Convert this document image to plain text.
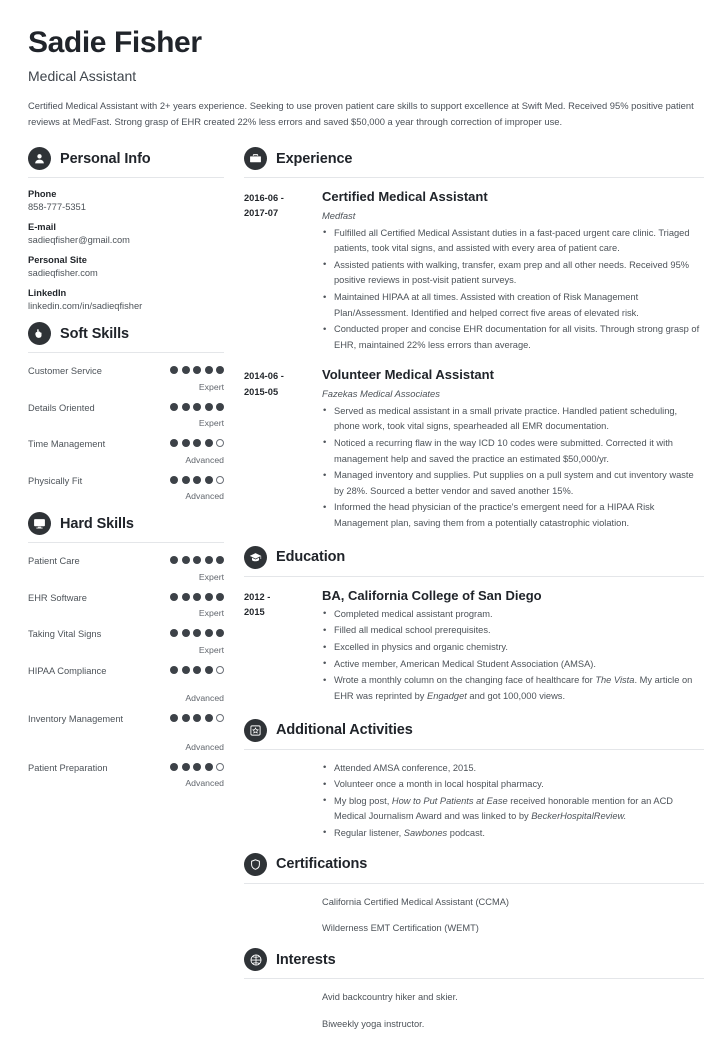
Sadie Fisher
Medical Assistant
Certified Medical Assistant with 2+ years experience. Seeking to use proven patient care skills to support excellence at Swift Med. Received 95% positive patient reviews at MedFast. Strong grasp of EHR created 22% less errors and saved $50,000 a year through correction of improper use.
Personal Info
Phone
858-777-5351
E-mail
sadieqfisher@gmail.com
Personal Site
sadieqfisher.com
LinkedIn
linkedin.com/in/sadieqfisher
Soft Skills
Customer Service
Expert
Details Oriented
Expert
Time Management
Advanced
Physically Fit
Advanced
Hard Skills
Patient Care
Expert
EHR Software
Expert
Taking Vital Signs
Expert
HIPAA Compliance
Advanced
Inventory Management
Advanced
Patient Preparation
Advanced
Experience
2016-06 -
2017-07
Certified Medical Assistant
Medfast
• Fulfilled all Certified Medical Assistant duties in a fast-paced urgent care clinic. Triaged patients, took vital signs, and assisted with every area of patient care.
• Assisted patients with walking, transfer, exam prep and all other needs. Received 95% positive reviews in post-visit patient surveys.
• Maintained HIPAA at all times. Assisted with creation of Risk Management Plan/Assessment. Identified and helped correct five areas of elevated risk.
• Conducted proper and concise EHR documentation for all visits. Through strong grasp of EHR, maintained 22% less errors than average.
2014-06 -
2015-05
Volunteer Medical Assistant
Fazekas Medical Associates
• Served as medical assistant in a small private practice. Handled patient scheduling, phone work, took vital signs, spearheaded all EMR documentation.
• Noticed a recurring flaw in the way ICD 10 codes were submitted. Corrected it with management help and saved the practice an estimated $50,000/yr.
• Managed inventory and supplies. Put supplies on a pull system and cut inventory waste by 28%. Sourced a better vendor and saved another 15%.
• Informed the head physician of the practice's emergent need for a HIPAA Risk Management plan, saving them from a potentially catastrophic violation.
Education
2012 -
2015
BA, California College of San Diego
• Completed medical assistant program.
• Filled all medical school prerequisites.
• Excelled in physics and organic chemistry.
• Active member, American Medical Student Association (AMSA).
• Wrote a monthly column on the changing face of healthcare for The Vista. My article on EHR was reprinted by Engadget and got 100,000 views.
Additional Activities
• Attended AMSA conference, 2015.
• Volunteer once a month in local hospital pharmacy.
• My blog post, How to Put Patients at Ease received honorable mention for an ACD Medical Journalism Award and was linked to by BeckerHospitalReview.
• Regular listener, Sawbones podcast.
Certifications
California Certified Medical Assistant (CCMA)
Wilderness EMT Certification (WEMT)
Interests
Avid backcountry hiker and skier.
Biweekly yoga instructor.
